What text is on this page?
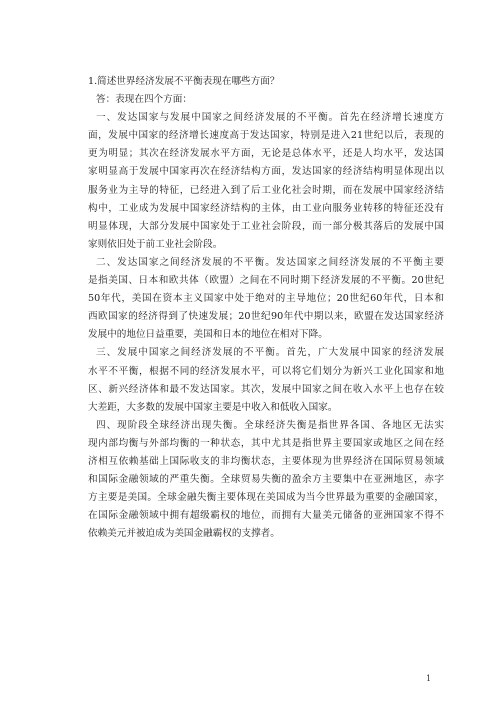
1.简述世界经济发展不平衡表现在哪些方面？
答：表现在四个方面：
一、发达国家与发展中国家之间经济发展的不平衡。首先在经济增长速度方
面，发展中国家的经济增长速度高于发达国家，特别是进入21世纪以后，表现的
更为明显；其次在经济发展水平方面，无论是总体水平，还是人均水平，发达国
家明显高于发展中国家再次在经济结构方面，发达国家的经济结构明显体现出以
服务业为主导的特征，已经进入到了后工业化社会时期，而在发展中国家经济结
构中，工业成为发展中国家经济结构的主体，由工业向服务业转移的特征还没有
明显体现，大部分发展中国家处于工业社会阶段，而一部分极其落后的发展中国
家则依旧处于前工业社会阶段。
二、发达国家之间经济发展的不平衡。发达国家之间经济发展的不平衡主要
是指美国、日本和欧共体（欧盟）之间在不同时期下经济发展的不平衡。20世纪
50年代，美国在资本主义国家中处于绝对的主导地位；20世纪60年代，日本和
西欧国家的经济得到了快速发展；20世纪90年代中期以来，欧盟在发达国家经济
发展中的地位日益重要，美国和日本的地位在相对下降。
三、发展中国家之间经济发展的不平衡。首先，广大发展中国家的经济发展
水平不平衡，根据不同的经济发展水平，可以将它们划分为新兴工业化国家和地
区、新兴经济体和最不发达国家。其次，发展中国家之间在收入水平上也存在较
大差距，大多数的发展中国家主要是中收入和低收入国家。
四、现阶段全球经济出现失衡。全球经济失衡是指世界各国、各地区无法实
现内部均衡与外部均衡的一种状态，其中尤其是指世界主要国家或地区之间在经
济相互依赖基础上国际收支的非均衡状态，主要体现为世界经济在国际贸易领域
和国际金融领域的严重失衡。全球贸易失衡的盈余方主要集中在亚洲地区，赤字
方主要是美国。全球金融失衡主要体现在美国成为当今世界最为重要的金融国家，
在国际金融领域中拥有超级霸权的地位，而拥有大量美元储备的亚洲国家不得不
依赖美元并被迫成为美国金融霸权的支撑者。
1
